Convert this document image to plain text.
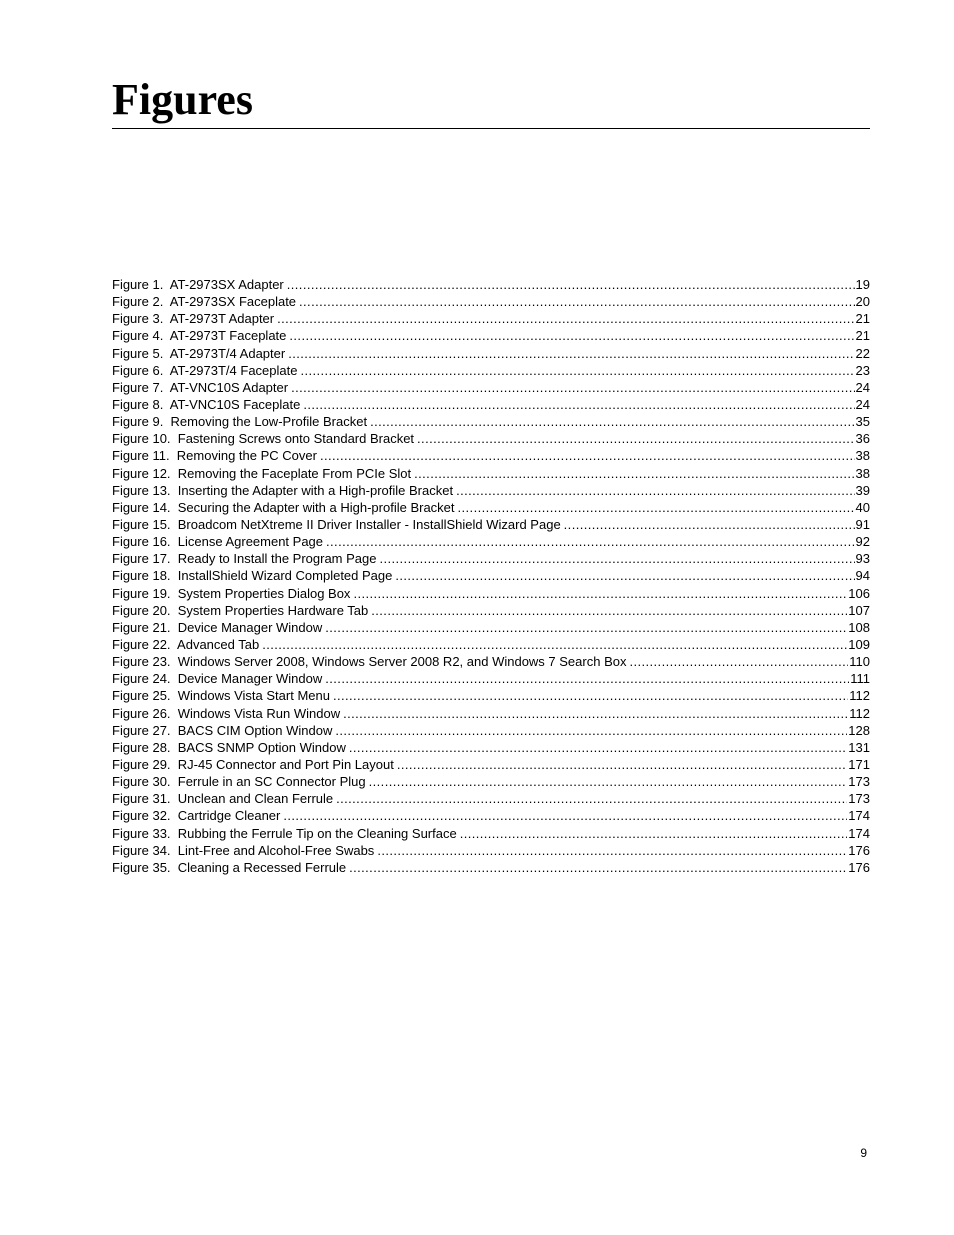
Figures
Figure 1.  AT-2973SX Adapter .....	19
Figure 2.  AT-2973SX Faceplate .....	20
Figure 3.  AT-2973T Adapter .....	21
Figure 4.  AT-2973T Faceplate .....	21
Figure 5.  AT-2973T/4 Adapter .....	22
Figure 6.  AT-2973T/4 Faceplate .....	23
Figure 7.  AT-VNC10S Adapter .....	24
Figure 8.  AT-VNC10S Faceplate .....	24
Figure 9.  Removing the Low-Profile Bracket .....	35
Figure 10.  Fastening Screws onto Standard Bracket .....	36
Figure 11.  Removing the PC Cover .....	38
Figure 12.  Removing the Faceplate From PCIe Slot .....	38
Figure 13.  Inserting the Adapter with a High-profile Bracket .....	39
Figure 14.  Securing the Adapter with a High-profile Bracket .....	40
Figure 15.  Broadcom NetXtreme II Driver Installer - InstallShield Wizard Page .....	91
Figure 16.  License Agreement Page .....	92
Figure 17.  Ready to Install the Program Page .....	93
Figure 18.  InstallShield Wizard Completed Page .....	94
Figure 19.  System Properties Dialog Box .....	106
Figure 20.  System Properties Hardware Tab .....	107
Figure 21.  Device Manager Window .....	108
Figure 22.  Advanced Tab .....	109
Figure 23.  Windows Server 2008, Windows Server 2008 R2, and Windows 7 Search Box .....	110
Figure 24.  Device Manager Window .....	111
Figure 25.  Windows Vista Start Menu .....	112
Figure 26.  Windows Vista Run Window .....	112
Figure 27.  BACS CIM Option Window .....	128
Figure 28.  BACS SNMP Option Window .....	131
Figure 29.  RJ-45 Connector and Port Pin Layout .....	171
Figure 30.  Ferrule in an SC Connector Plug .....	173
Figure 31.  Unclean and Clean Ferrule .....	173
Figure 32.  Cartridge Cleaner .....	174
Figure 33.  Rubbing the Ferrule Tip on the Cleaning Surface .....	174
Figure 34.  Lint-Free and Alcohol-Free Swabs .....	176
Figure 35.  Cleaning a Recessed Ferrule .....	176
9
